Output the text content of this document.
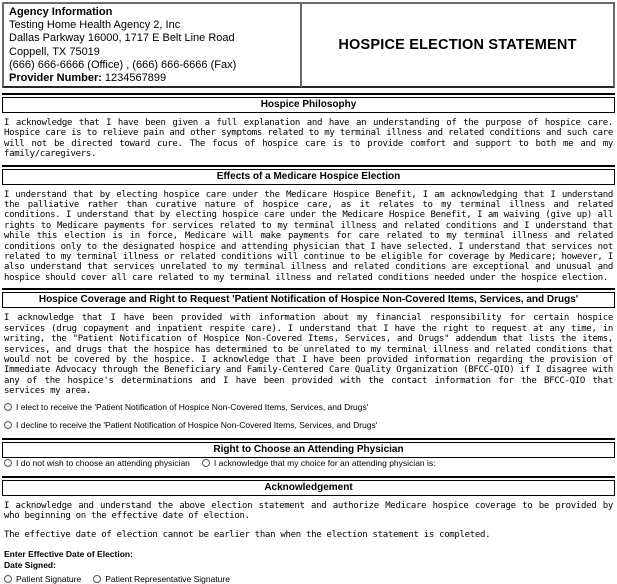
Agency Information
Testing Home Health Agency 2, Inc
Dallas Parkway 16000, 1717 E Belt Line Road
Coppell, TX 75019
(666) 666-6666 (Office) , (666) 666-6666 (Fax)
Provider Number: 1234567899
HOSPICE ELECTION STATEMENT
Hospice Philosophy
I acknowledge that I have been given a full explanation and have an understanding of the purpose of hospice care. Hospice care is to relieve pain and other symptoms related to my terminal illness and related conditions and such care will not be directed toward cure. The focus of hospice care is to provide comfort and support to both me and my family/caregivers.
Effects of a Medicare Hospice Election
I understand that by electing hospice care under the Medicare Hospice Benefit, I am acknowledging that I understand the palliative rather than curative nature of hospice care, as it relates to my terminal illness and related conditions. I understand that by electing hospice care under the Medicare Hospice Benefit, I am waiving (give up) all rights to Medicare payments for services related to my terminal illness and related conditions and I understand that while this election is in force, Medicare will make payments for care related to my terminal illness and related conditions only to the designated hospice and attending physician that I have selected. I understand that services not related to my terminal illness or related conditions will continue to be eligible for coverage by Medicare; however, I also understand that services unrelated to my terminal illness and related conditions are exceptional and unusual and hospice should cover all care related to my terminal illness and related conditions needed under the hospice election.
Hospice Coverage and Right to Request 'Patient Notification of Hospice Non-Covered Items, Services, and Drugs'
I acknowledge that I have been provided with information about my financial responsibility for certain hospice services (drug copayment and inpatient respite care). I understand that I have the right to request at any time, in writing, the "Patient Notification of Hospice Non-Covered Items, Services, and Drugs" addendum that lists the items, services, and drugs that the hospice has determined to be unrelated to my terminal illness and related conditions that would not be covered by the hospice. I acknowledge that I have been provided information regarding the provision of Immediate Advocacy through the Beneficiary and Family-Centered Care Quality Organization (BFCC-QIO) if I disagree with any of the hospice's determinations and I have been provided with the contact information for the BFCC-QIO that services my area.
I elect to receive the 'Patient Notification of Hospice Non-Covered Items, Services, and Drugs'
I decline to receive the 'Patient Notification of Hospice Non-Covered Items, Services, and Drugs'
Right to Choose an Attending Physician
I do not wish to choose an attending physician	I acknowledge that my choice for an attending physician is:
Acknowledgement

I acknowledge and understand the above election statement and authorize Medicare hospice coverage to be provided by who beginning on the effective date of election.

The effective date of election cannot be earlier than when the election statement is completed.

Enter Effective Date of Election:
Date Signed:
Patient Signature	Patient Representative Signature
